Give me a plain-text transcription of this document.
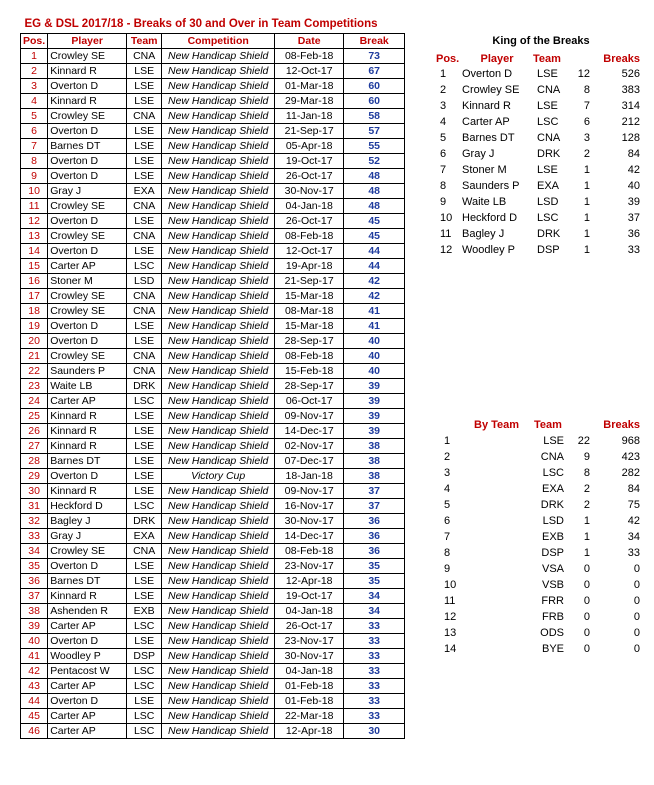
EG & DSL 2017/18 - Breaks of 30 and Over in Team Competitions
Pos.	Player	Team	Competition	Date	Break
1	Crowley SE	CNA	New Handicap Shield	08-Feb-18	73
2	Kinnard R	LSE	New Handicap Shield	12-Oct-17	67
3	Overton D	LSE	New Handicap Shield	01-Mar-18	60
4	Kinnard R	LSE	New Handicap Shield	29-Mar-18	60
5	Crowley SE	CNA	New Handicap Shield	11-Jan-18	58
6	Overton D	LSE	New Handicap Shield	21-Sep-17	57
7	Barnes DT	LSE	New Handicap Shield	05-Apr-18	55
8	Overton D	LSE	New Handicap Shield	19-Oct-17	52
9	Overton D	LSE	New Handicap Shield	26-Oct-17	48
10	Gray J	EXA	New Handicap Shield	30-Nov-17	48
11	Crowley SE	CNA	New Handicap Shield	04-Jan-18	48
12	Overton D	LSE	New Handicap Shield	26-Oct-17	45
13	Crowley SE	CNA	New Handicap Shield	08-Feb-18	45
14	Overton D	LSE	New Handicap Shield	12-Oct-17	44
15	Carter AP	LSC	New Handicap Shield	19-Apr-18	44
16	Stoner M	LSD	New Handicap Shield	21-Sep-17	42
17	Crowley SE	CNA	New Handicap Shield	15-Mar-18	42
18	Crowley SE	CNA	New Handicap Shield	08-Mar-18	41
19	Overton D	LSE	New Handicap Shield	15-Mar-18	41
20	Overton D	LSE	New Handicap Shield	28-Sep-17	40
21	Crowley SE	CNA	New Handicap Shield	08-Feb-18	40
22	Saunders P	CNA	New Handicap Shield	15-Feb-18	40
23	Waite LB	DRK	New Handicap Shield	28-Sep-17	39
24	Carter AP	LSC	New Handicap Shield	06-Oct-17	39
25	Kinnard R	LSE	New Handicap Shield	09-Nov-17	39
26	Kinnard R	LSE	New Handicap Shield	14-Dec-17	39
27	Kinnard R	LSE	New Handicap Shield	02-Nov-17	38
28	Barnes DT	LSE	New Handicap Shield	07-Dec-17	38
29	Overton D	LSE	Victory Cup	18-Jan-18	38
30	Kinnard R	LSE	New Handicap Shield	09-Nov-17	37
31	Heckford D	LSC	New Handicap Shield	16-Nov-17	37
32	Bagley J	DRK	New Handicap Shield	30-Nov-17	36
33	Gray J	EXA	New Handicap Shield	14-Dec-17	36
34	Crowley SE	CNA	New Handicap Shield	08-Feb-18	36
35	Overton D	LSE	New Handicap Shield	23-Nov-17	35
36	Barnes DT	LSE	New Handicap Shield	12-Apr-18	35
37	Kinnard R	LSE	New Handicap Shield	19-Oct-17	34
38	Ashenden R	EXB	New Handicap Shield	04-Jan-18	34
39	Carter AP	LSC	New Handicap Shield	26-Oct-17	33
40	Overton D	LSE	New Handicap Shield	23-Nov-17	33
41	Woodley P	DSP	New Handicap Shield	30-Nov-17	33
42	Pentacost W	LSC	New Handicap Shield	04-Jan-18	33
43	Carter AP	LSC	New Handicap Shield	01-Feb-18	33
44	Overton D	LSE	New Handicap Shield	01-Feb-18	33
45	Carter AP	LSC	New Handicap Shield	22-Mar-18	33
46	Carter AP	LSC	New Handicap Shield	12-Apr-18	30
King of the Breaks
Pos.	Player	Team	Breaks
1	Overton D	LSE	12	526
2	Crowley SE	CNA	8	383
3	Kinnard R	LSE	7	314
4	Carter AP	LSC	6	212
5	Barnes DT	CNA	3	128
6	Gray J	DRK	2	84
7	Stoner M	LSE	1	42
8	Saunders P	EXA	1	40
9	Waite LB	LSD	1	39
10 Heckford D	LSC	1	37
11 Bagley J	DRK	1	36
12 Woodley P	DSP	1	33
By Team Team	Breaks
1	LSE	22	968
2	CNA	9	423
3	LSC	8	282
4	EXA	2	84
5	DRK	2	75
6	LSD	1	42
7	EXB	1	34
8	DSP	1	33
9	VSA	0	0
10	VSB	0	0
11	FRR	0	0
12	FRB	0	0
13	ODS	0	0
14	BYE	0	0
